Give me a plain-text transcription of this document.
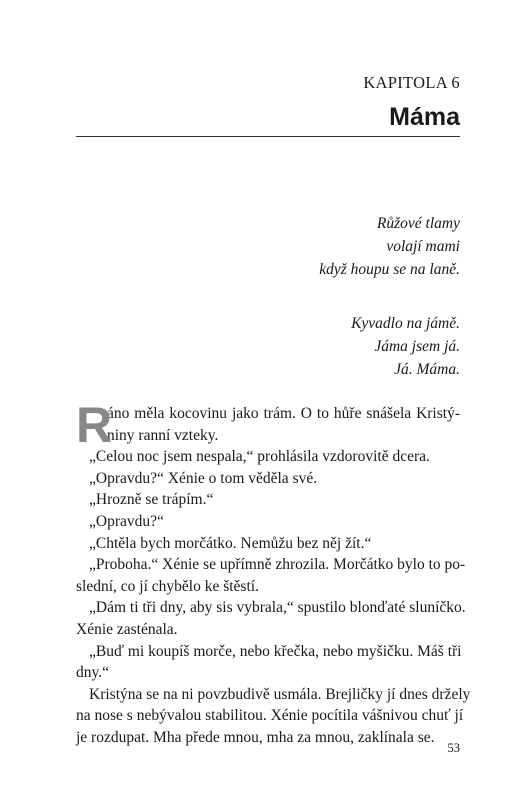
KAPITOLA 6
Máma
Růžové tlamy
volají mami
když houpu se na laně.
Kyvadlo na jámě.
Jáma jsem já.
Já. Máma.
R
áno měla kocovinu jako trám. O to hůře snášela Kristý-
niny ranní vzteky.
„Celou noc jsem nespala,“ prohlásila vzdorovitě dcera.
„Opravdu?“ Xénie o tom věděla své.
„Hrozně se trápím.“
„Opravdu?“
„Chtěla bych morčátko. Nemůžu bez něj žít.“
„Proboha.“ Xénie se upřímně zhrozila. Morčátko bylo to po-
slední, co jí chybělo ke štěstí.
„Dám ti tři dny, aby sis vybrala,“ spustilo blonďaté sluníčko.
Xénie zasténala.
„Buď mi koupíš morče, nebo křečka, nebo myšičku. Máš tři
dny.“
Kristýna se na ni povzbudivě usmála. Brejličky jí dnes držely
na nose s nebývalou stabilitou. Xénie pocítila vášnivou chuť jí
je rozdupat. Mha přede mnou, mha za mnou, zaklínala se.
53
